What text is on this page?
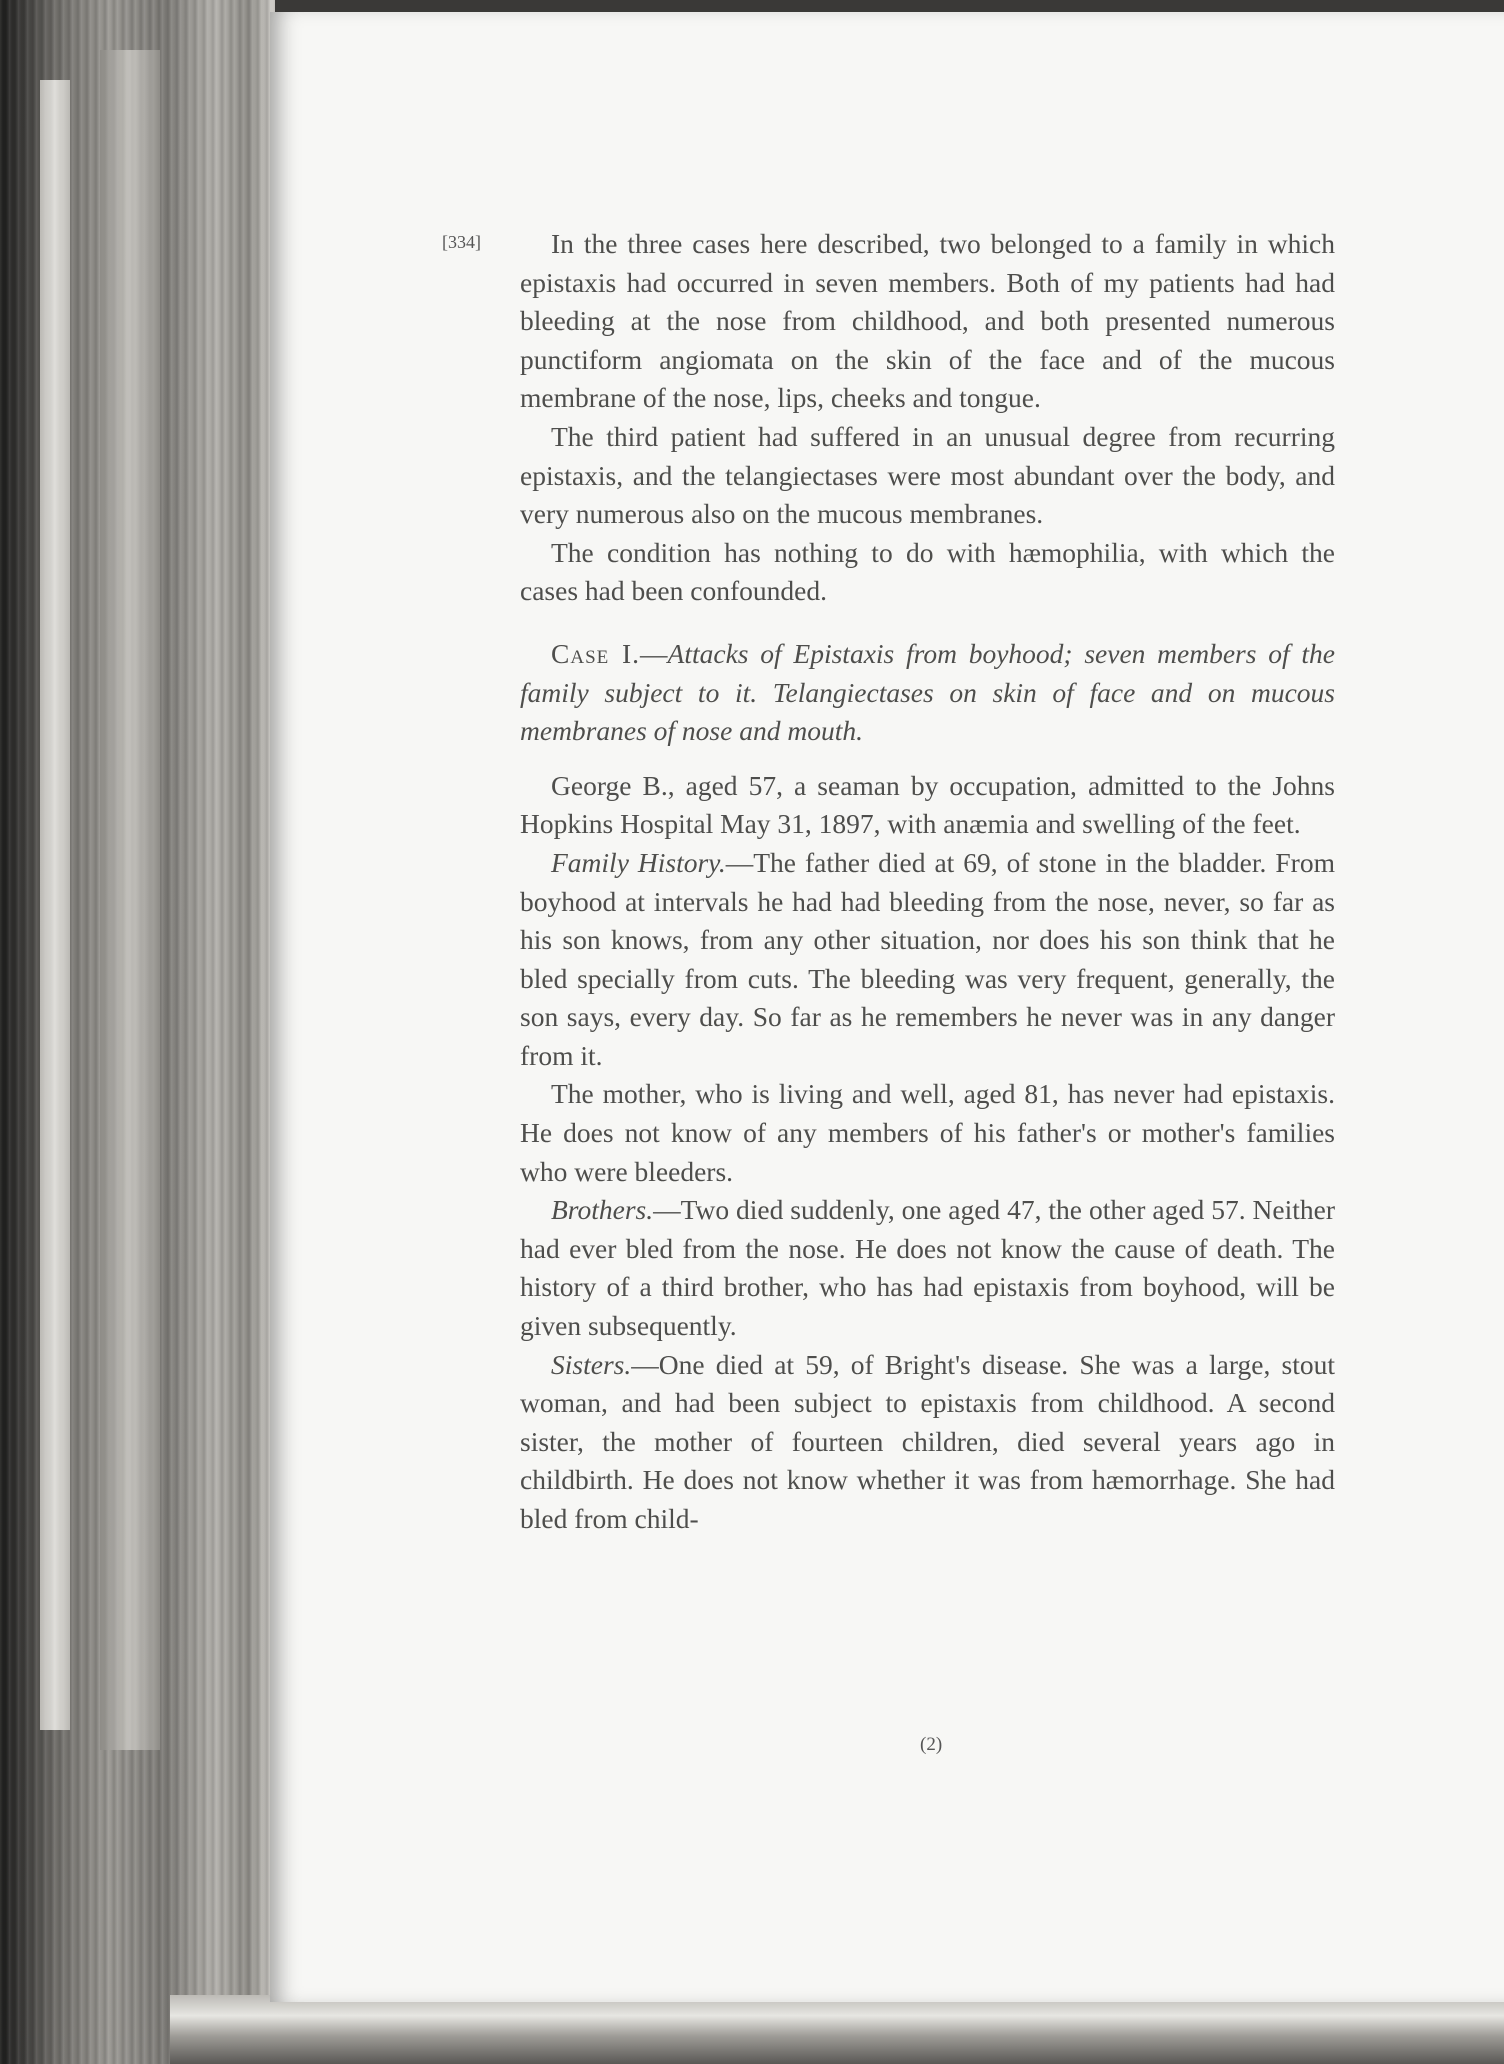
[334]	In the three cases here described, two belonged to a family in which epistaxis had occurred in seven members. Both of my patients had had bleeding at the nose from childhood, and both presented numerous punctiform angiomata on the skin of the face and of the mucous membrane of the nose, lips, cheeks and tongue.

The third patient had suffered in an unusual degree from recurring epistaxis, and the telangiectases were most abundant over the body, and very numerous also on the mucous membranes.

The condition has nothing to do with hæmophilia, with which the cases had been confounded.

Case I.—Attacks of Epistaxis from boyhood; seven members of the family subject to it. Telangiectases on skin of face and on mucous membranes of nose and mouth.

George B., aged 57, a seaman by occupation, admitted to the Johns Hopkins Hospital May 31, 1897, with anæmia and swelling of the feet.

Family History.—The father died at 69, of stone in the bladder. From boyhood at intervals he had had bleeding from the nose, never, so far as his son knows, from any other situation, nor does his son think that he bled specially from cuts. The bleeding was very frequent, generally, the son says, every day. So far as he remembers he never was in any danger from it.

The mother, who is living and well, aged 81, has never had epistaxis. He does not know of any members of his father's or mother's families who were bleeders.

Brothers.—Two died suddenly, one aged 47, the other aged 57. Neither had ever bled from the nose. He does not know the cause of death. The history of a third brother, who has had epistaxis from boyhood, will be given subsequently.

Sisters.—One died at 59, of Bright's disease. She was a large, stout woman, and had been subject to epistaxis from childhood. A second sister, the mother of fourteen children, died several years ago in childbirth. He does not know whether it was from hæmorrhage. She had bled from child-

(2)
